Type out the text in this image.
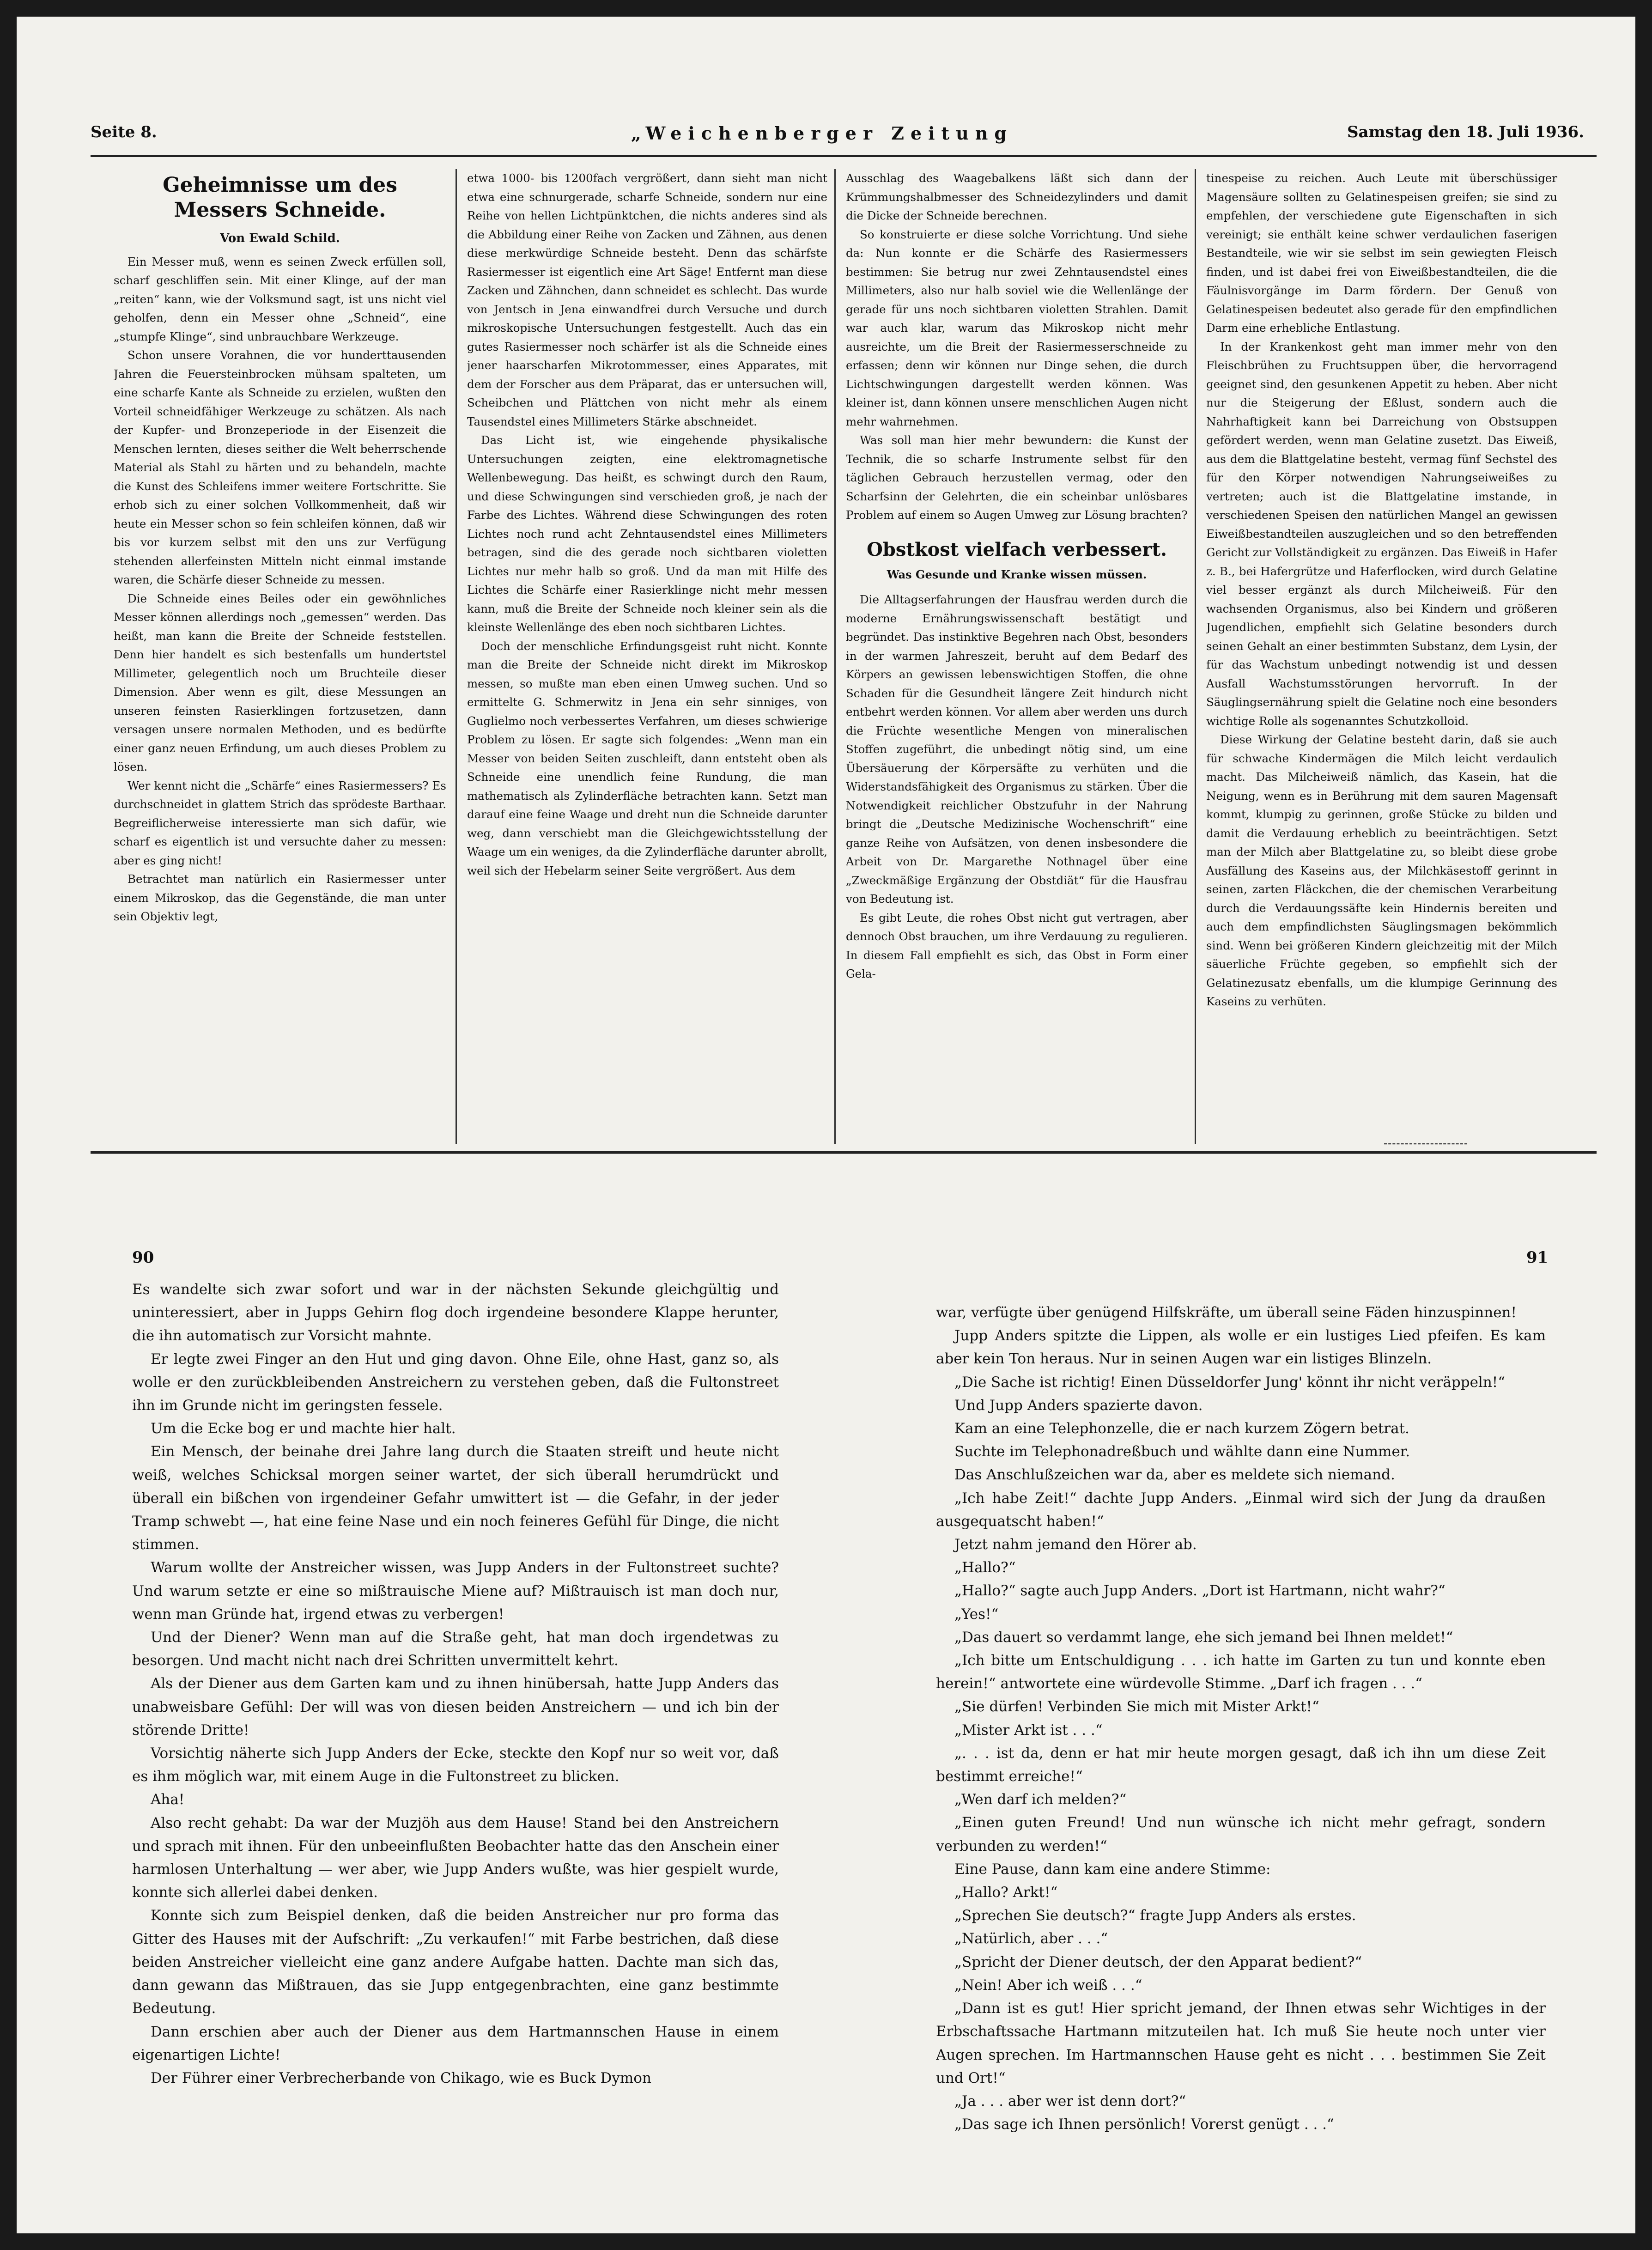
Seite 8.	„Weichenberger Zeitung	Samstag den 18. Juli 1936.
Geheimnisse um des Messers Schneide.
Von Ewald Schild.

Ein Messer muß, wenn es seinen Zweck erfüllen soll, scharf geschliffen sein. Mit einer Klinge, auf der man „reiten“ kann, wie der Volksmund sagt, ist uns nicht viel geholfen, denn ein Messer ohne „Schneid“, eine „stumpfe Klinge“, sind unbrauchbare Werkzeuge.

Schon unsere Vorahnen, die vor hunderttausenden Jahren die Feuersteinbrocken mühsam spalteten, um eine scharfe Kante als Schneide zu erzielen, wußten den Vorteil schneidfähiger Werkzeuge zu schätzen. Als nach der Kupfer- und Bronzeperiode in der Eisenzeit die Menschen lernten, dieses seither die Welt beherrschende Material als Stahl zu härten und zu behandeln, machte die Kunst des Schleifens immer weitere Fortschritte. Sie erhob sich zu einer solchen Vollkommenheit, daß wir heute ein Messer schon so fein schleifen können, daß wir bis vor kurzem selbst mit den uns zur Verfügung stehenden allerfeinsten Mitteln nicht einmal imstande waren, die Schärfe dieser Schneide zu messen.

Die Schneide eines Beiles oder ein gewöhnliches Messer können allerdings noch „gemessen“ werden. Das heißt, man kann die Breite der Schneide feststellen. Denn hier handelt es sich bestenfalls um hundertstel Millimeter, gelegentlich noch um Bruchteile dieser Dimension. Aber wenn es gilt, diese Messungen an unseren feinsten Rasierklingen fortzusetzen, dann versagen unsere normalen Methoden, und es bedürfte einer ganz neuen Erfindung, um auch dieses Problem zu lösen.

Wer kennt nicht die „Schärfe“ eines Rasiermessers? Es durchschneidet in glattem Strich das sprödeste Barthaar. Begreiflicherweise interessierte man sich dafür, wie scharf es eigentlich ist und versuchte daher zu messen: aber es ging nicht!

Betrachtet man natürlich ein Rasiermesser unter einem Mikroskop, das die Gegenstände, die man unter sein Objektiv legt,

etwa 1000- bis 1200fach vergrößert, dann sieht man nicht etwa eine schnurgerade, scharfe Schneide, sondern nur eine Reihe von hellen Lichtpünktchen, die nichts anderes sind als die Abbildung einer Reihe von Zacken und Zähnen, aus denen diese merkwürdige Schneide besteht. Denn das schärfste Rasiermesser ist eigentlich eine Art Säge! Entfernt man diese Zacken und Zähnchen, dann schneidet es schlecht. Das wurde von Jentsch in Jena einwandfrei durch Versuche und durch mikroskopische Untersuchungen festgestellt. Auch das ein gutes Rasiermesser noch schärfer ist als die Schneide eines jener haarscharfen Mikrotommesser, eines Apparates, mit dem der Forscher aus dem Präparat, das er untersuchen will, Scheibchen und Plättchen von nicht mehr als einem Tausendstel eines Millimeters Stärke abschneidet.

Das Licht ist, wie eingehende physikalische Untersuchungen zeigten, eine elektromagnetische Wellenbewegung. Das heißt, es schwingt durch den Raum, und diese Schwingungen sind verschieden groß, je nach der Farbe des Lichtes. Während diese Schwingungen des roten Lichtes noch rund acht Zehntausendstel eines Millimeters betragen, sind die des gerade noch sichtbaren violetten Lichtes nur mehr halb so groß. Und da man mit Hilfe des Lichtes die Schärfe einer Rasierklinge nicht mehr messen kann, muß die Breite der Schneide noch kleiner sein als die kleinste Wellenlänge des eben noch sichtbaren Lichtes.

Doch der menschliche Erfindungsgeist ruht nicht. Konnte man die Breite der Schneide nicht direkt im Mikroskop messen, so mußte man eben einen Umweg suchen. Und so ermittelte G. Schmerwitz in Jena ein sehr sinniges, von Guglielmo noch verbessertes Verfahren, um dieses schwierige Problem zu lösen. Er sagte sich folgendes: „Wenn man ein Messer von beiden Seiten zuschleift, dann entsteht oben als Schneide eine unendlich feine Rundung, die man mathematisch als Zylinderfläche betrachten kann. Setzt man darauf eine feine Waage und dreht nun die Schneide darunter weg, dann verschiebt man die Gleichgewichtsstellung der Waage um ein weniges, da die Zylinderfläche darunter abrollt, weil sich der Hebelarm seiner Seite vergrößert. Aus dem

Ausschlag des Waagebalkens läßt sich dann der Krümmungshalbmesser des Schneidezylinders und damit die Dicke der Schneide berechnen.

So konstruierte er diese solche Vorrichtung. Und siehe da: Nun konnte er die Schärfe des Rasiermessers bestimmen: Sie betrug nur zwei Zehntausendstel eines Millimeters, also nur halb soviel wie die Wellenlänge der gerade für uns noch sichtbaren violetten Strahlen. Damit war auch klar, warum das Mikroskop nicht mehr ausreichte, um die Breit der Rasiermesserschneide zu erfassen; denn wir können nur Dinge sehen, die durch Lichtschwingungen dargestellt werden können. Was kleiner ist, dann können unsere menschlichen Augen nicht mehr wahrnehmen.

Was soll man hier mehr bewundern: die Kunst der Technik, die so scharfe Instrumente selbst für den täglichen Gebrauch herzustellen vermag, oder den Scharfsinn der Gelehrten, die ein scheinbar unlösbares Problem auf einem so Augen Umweg zur Lösung brachten?

Obstkost vielfach verbessert.
Was Gesunde und Kranke wissen müssen.

Die Alltagserfahrungen der Hausfrau werden durch die moderne Ernährungswissenschaft bestätigt und begründet. Das instinktive Begehren nach Obst, besonders in der warmen Jahreszeit, beruht auf dem Bedarf des Körpers an gewissen lebenswichtigen Stoffen, die ohne Schaden für die Gesundheit längere Zeit hindurch nicht entbehrt werden können. Vor allem aber werden uns durch die Früchte wesentliche Mengen von mineralischen Stoffen zugeführt, die unbedingt nötig sind, um eine Übersäuerung der Körpersäfte zu verhüten und die Widerstandsfähigkeit des Organismus zu stärken. Über die Notwendigkeit reichlicher Obstzufuhr in der Nahrung bringt die „Deutsche Medizinische Wochenschrift“ eine ganze Reihe von Aufsätzen, von denen insbesondere die Arbeit von Dr. Margarethe Nothnagel über eine „Zweckmäßige Ergänzung der Obstdiät“ für die Hausfrau von Bedeutung ist.

Es gibt Leute, die rohes Obst nicht gut vertragen, aber dennoch Obst brauchen, um ihre Verdauung zu regulieren. In diesem Fall empfiehlt es sich, das Obst in Form einer Gela-

tinespeise zu reichen. Auch Leute mit überschüssiger Magensäure sollten zu Gelatinespeisen greifen; sie sind zu empfehlen, der verschiedene gute Eigenschaften in sich vereinigt; sie enthält keine schwer verdaulichen faserigen Bestandteile, wie wir sie selbst im sein gewiegten Fleisch finden, und ist dabei frei von Eiweißbestandteilen, die die Fäulnisvorgänge im Darm fördern. Der Genuß von Gelatinespeisen bedeutet also gerade für den empfindlichen Darm eine erhebliche Entlastung.

In der Krankenkost geht man immer mehr von den Fleischbrühen zu Fruchtsuppen über, die hervorragend geeignet sind, den gesunkenen Appetit zu heben. Aber nicht nur die Steigerung der Eßlust, sondern auch die Nahrhaftigkeit kann bei Darreichung von Obstsuppen gefördert werden, wenn man Gelatine zusetzt. Das Eiweiß, aus dem die Blattgelatine besteht, vermag fünf Sechstel des für den Körper notwendigen Nahrungseiweißes zu vertreten; auch ist die Blattgelatine imstande, in verschiedenen Speisen den natürlichen Mangel an gewissen Eiweißbestandteilen auszugleichen und so den betreffenden Gericht zur Vollständigkeit zu ergänzen. Das Eiweiß in Hafer z. B., bei Hafergrütze und Haferflocken, wird durch Gelatine viel besser ergänzt als durch Milcheiweiß. Für den wachsenden Organismus, also bei Kindern und größeren Jugendlichen, empfiehlt sich Gelatine besonders durch seinen Gehalt an einer bestimmten Substanz, dem Lysin, der für das Wachstum unbedingt notwendig ist und dessen Ausfall Wachstumsstörungen hervorruft. In der Säuglingsernährung spielt die Gelatine noch eine besonders wichtige Rolle als sogenanntes Schutzkolloid.

Diese Wirkung der Gelatine besteht darin, daß sie auch für schwache Kindermägen die Milch leicht verdaulich macht. Das Milcheiweiß nämlich, das Kasein, hat die Neigung, wenn es in Berührung mit dem sauren Magensaft kommt, klumpig zu gerinnen, große Stücke zu bilden und damit die Verdauung erheblich zu beeinträchtigen. Setzt man der Milch aber Blattgelatine zu, so bleibt diese grobe Ausfällung des Kaseins aus, der Milchkäsestoff gerinnt in seinen, zarten Fläckchen, die der chemischen Verarbeitung durch die Verdauungssäfte kein Hindernis bereiten und auch dem empfindlichsten Säuglingsmagen bekömmlich sind. Wenn bei größeren Kindern gleichzeitig mit der Milch säuerliche Früchte gegeben, so empfiehlt sich der Gelatinezusatz ebenfalls, um die klumpige Gerinnung des Kaseins zu verhüten.

90	91

Es wandelte sich zwar sofort und war in der nächsten Sekunde gleichgültig und uninteressiert, aber in Jupps Gehirn flog doch irgendeine besondere Klappe herunter, die ihn automatisch zur Vorsicht mahnte.

Er legte zwei Finger an den Hut und ging davon. Ohne Eile, ohne Hast, ganz so, als wolle er den zurückbleibenden Anstreichern zu verstehen geben, daß die Fultonstreet ihn im Grunde nicht im geringsten fessele.

Um die Ecke bog er und machte hier halt.

Ein Mensch, der beinahe drei Jahre lang durch die Staaten streift und heute nicht weiß, welches Schicksal morgen seiner wartet, der sich überall herumdrückt und überall ein bißchen von irgendeiner Gefahr umwittert ist — die Gefahr, in der jeder Tramp schwebt —, hat eine feine Nase und ein noch feineres Gefühl für Dinge, die nicht stimmen.

Warum wollte der Anstreicher wissen, was Jupp Anders in der Fultonstreet suchte? Und warum setzte er eine so mißtrauische Miene auf? Mißtrauisch ist man doch nur, wenn man Gründe hat, irgend etwas zu verbergen!

Und der Diener? Wenn man auf die Straße geht, hat man doch irgendetwas zu besorgen. Und macht nicht nach drei Schritten unvermittelt kehrt.

Als der Diener aus dem Garten kam und zu ihnen hinübersah, hatte Jupp Anders das unabweisbare Gefühl: Der will was von diesen beiden Anstreichern — und ich bin der störende Dritte!

Vorsichtig näherte sich Jupp Anders der Ecke, steckte den Kopf nur so weit vor, daß es ihm möglich war, mit einem Auge in die Fultonstreet zu blicken.

Aha!

Also recht gehabt: Da war der Muzjöh aus dem Hause! Stand bei den Anstreichern und sprach mit ihnen. Für den unbeeinflußten Beobachter hatte das den Anschein einer harmlosen Unterhaltung — wer aber, wie Jupp Anders wußte, was hier gespielt wurde, konnte sich allerlei dabei denken.

Konnte sich zum Beispiel denken, daß die beiden Anstreicher nur pro forma das Gitter des Hauses mit der Aufschrift: „Zu verkaufen!“ mit Farbe bestrichen, daß diese beiden Anstreicher vielleicht eine ganz andere Aufgabe hatten. Dachte man sich das, dann gewann das Mißtrauen, das sie Jupp entgegenbrachten, eine ganz bestimmte Bedeutung.

Dann erschien aber auch der Diener aus dem Hartmannschen Hause in einem eigenartigen Lichte!

Der Führer einer Verbrecherbande von Chikago, wie es Buck Dymon

war, verfügte über genügend Hilfskräfte, um überall seine Fäden hinzuspinnen!

Jupp Anders spitzte die Lippen, als wolle er ein lustiges Lied pfeifen. Es kam aber kein Ton heraus. Nur in seinen Augen war ein listiges Blinzeln.

„Die Sache ist richtig! Einen Düsseldorfer Jung' könnt ihr nicht veräppeln!“

Und Jupp Anders spazierte davon.

Kam an eine Telephonzelle, die er nach kurzem Zögern betrat.

Suchte im Telephonadreßbuch und wählte dann eine Nummer.

Das Anschlußzeichen war da, aber es meldete sich niemand.

„Ich habe Zeit!“ dachte Jupp Anders. „Einmal wird sich der Jung da draußen ausgequatscht haben!“

Jetzt nahm jemand den Hörer ab.

„Hallo?“

„Hallo?“ sagte auch Jupp Anders. „Dort ist Hartmann, nicht wahr?“

„Yes!“

„Das dauert so verdammt lange, ehe sich jemand bei Ihnen meldet!“

„Ich bitte um Entschuldigung . . . ich hatte im Garten zu tun und konnte eben herein!“ antwortete eine würdevolle Stimme. „Darf ich fragen . . .“

„Sie dürfen! Verbinden Sie mich mit Mister Arkt!“

„Mister Arkt ist . . .“

„. . . ist da, denn er hat mir heute morgen gesagt, daß ich ihn um diese Zeit bestimmt erreiche!“

„Wen darf ich melden?“

„Einen guten Freund! Und nun wünsche ich nicht mehr gefragt, sondern verbunden zu werden!“

Eine Pause, dann kam eine andere Stimme:

„Hallo? Arkt!“

„Sprechen Sie deutsch?“ fragte Jupp Anders als erstes.

„Natürlich, aber . . .“

„Spricht der Diener deutsch, der den Apparat bedient?“

„Nein! Aber ich weiß . . .“

„Dann ist es gut! Hier spricht jemand, der Ihnen etwas sehr Wichtiges in der Erbschaftssache Hartmann mitzuteilen hat. Ich muß Sie heute noch unter vier Augen sprechen. Im Hartmannschen Hause geht es nicht . . . bestimmen Sie Zeit und Ort!“

„Ja . . . aber wer ist denn dort?“

„Das sage ich Ihnen persönlich! Vorerst genügt . . .“
